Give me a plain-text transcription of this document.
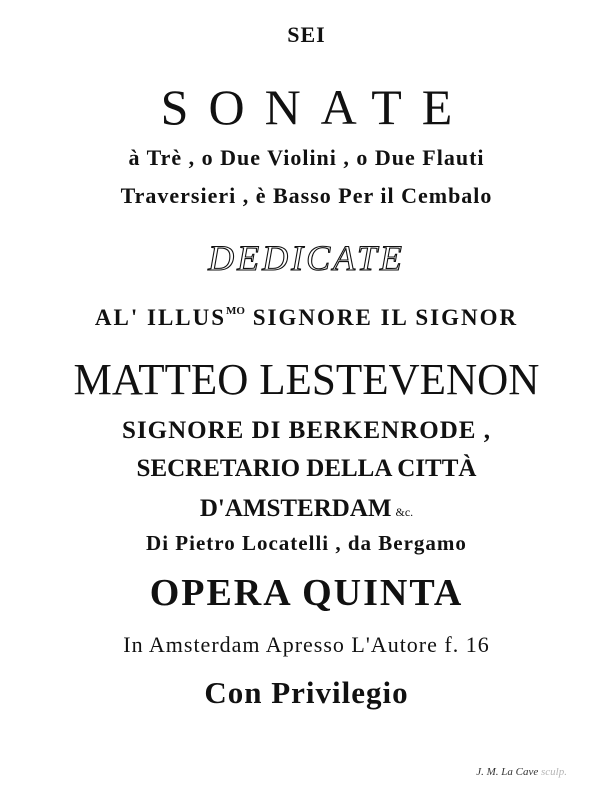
SEI
SONATE
à Trè , o Due Violini , o Due Flauti
Traversieri , è Basso Per il Cembalo
DEDICATE
AL' $ILLUS^{MO}$ SIGNORE IL SIGNOR
MATTEO LESTEVENON
SIGNORE DI BERKENRODE ,
SECRETARIO DELLA CITTÀ
D'AMSTERDAM &c.
Di Pietro Locatelli , da Bergamo
OPERA QUINTA
In Amsterdam Apresso L'Autore f. 16
Con Privilegio
J. M. La Cave sculp.
